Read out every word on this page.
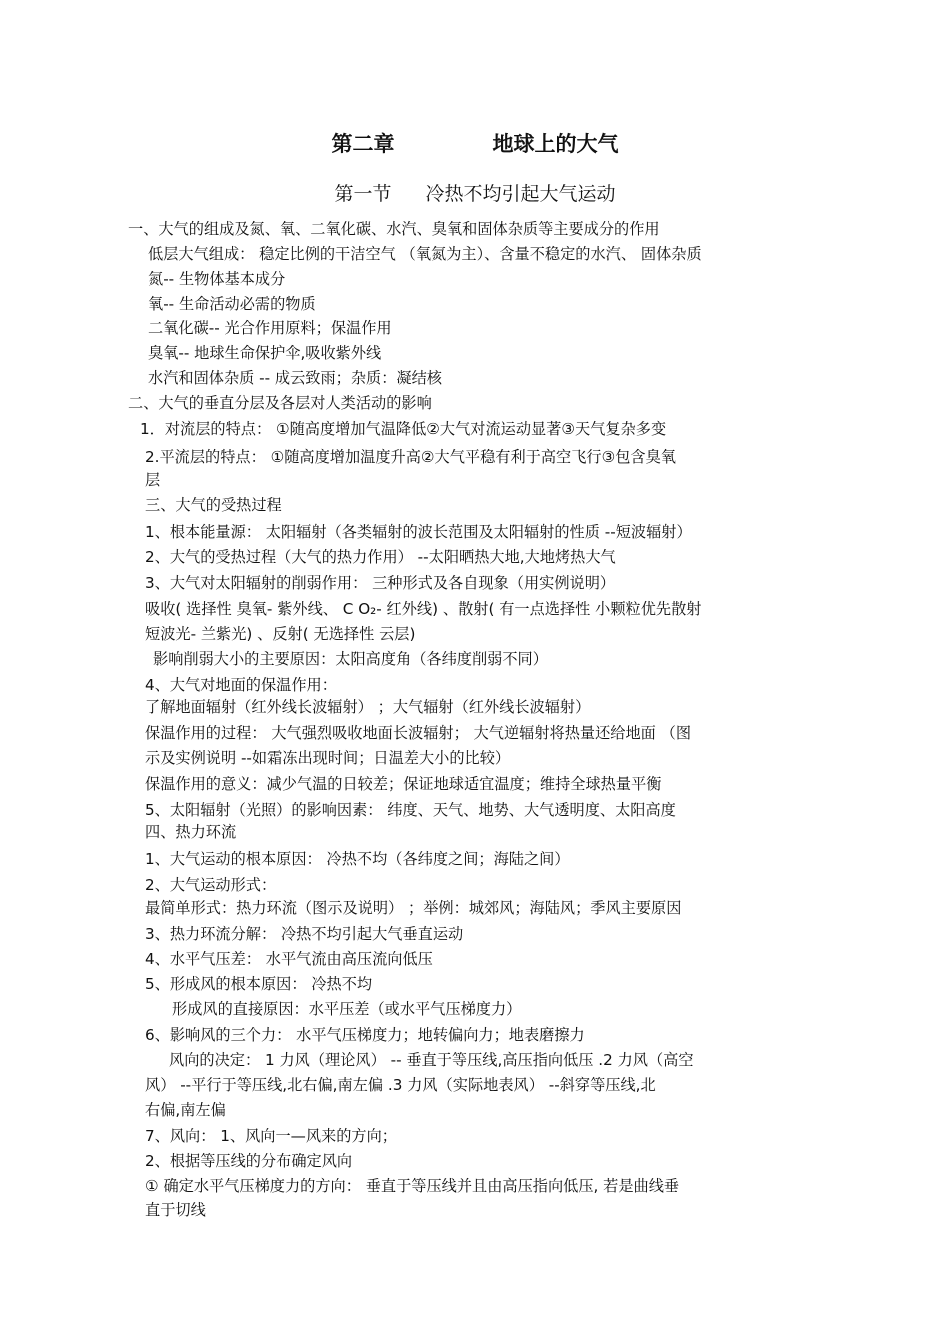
第二章	地球上的大气
第一节 冷热不均引起大气运动
一、大气的组成及氮、氧、二氧化碳、水汽、臭氧和固体杂质等主要成分的作用
低层大气组成： 稳定比例的干洁空气 （氧氮为主）、含量不稳定的水汽、 固体杂质
氮-- 生物体基本成分
氧-- 生命活动必需的物质
二氧化碳-- 光合作用原料；保温作用
臭氧-- 地球生命保护伞,吸收紫外线
水汽和固体杂质 -- 成云致雨；杂质：凝结核
二、大气的垂直分层及各层对人类活动的影响
1．对流层的特点： ①随高度增加气温降低②大气对流运动显著③天气复杂多变
2.平流层的特点： ①随高度增加温度升高②大气平稳有利于高空飞行③包含臭氧
层
三、大气的受热过程
1、根本能量源： 太阳辐射（各类辐射的波长范围及太阳辐射的性质 --短波辐射）
2、大气的受热过程（大气的热力作用） --太阳晒热大地,大地烤热大气
3、大气对太阳辐射的削弱作用： 三种形式及各自现象（用实例说明）
吸收( 选择性 臭氧- 紫外线、 C O₂- 红外线) 、散射( 有一点选择性 小颗粒优先散射
短波光- 兰紫光) 、反射( 无选择性 云层)
影响削弱大小的主要原因：太阳高度角（各纬度削弱不同）
4、大气对地面的保温作用：
了解地面辐射（红外线长波辐射） ；大气辐射（红外线长波辐射）
保温作用的过程： 大气强烈吸收地面长波辐射； 大气逆辐射将热量还给地面 （图
示及实例说明 --如霜冻出现时间；日温差大小的比较）
保温作用的意义：减少气温的日较差；保证地球适宜温度；维持全球热量平衡
5、太阳辐射（光照）的影响因素： 纬度、天气、地势、大气透明度、太阳高度
四、热力环流
1、大气运动的根本原因： 冷热不均（各纬度之间；海陆之间）
2、大气运动形式：
最简单形式：热力环流（图示及说明） ；举例：城郊风；海陆风；季风主要原因
3、热力环流分解： 冷热不均引起大气垂直运动
4、水平气压差： 水平气流由高压流向低压
5、形成风的根本原因： 冷热不均
形成风的直接原因：水平压差（或水平气压梯度力）
6、影响风的三个力： 水平气压梯度力；地转偏向力；地表磨擦力
风向的决定： 1 力风（理论风） -- 垂直于等压线,高压指向低压 .2 力风（高空
风） --平行于等压线,北右偏,南左偏 .3 力风（实际地表风） --斜穿等压线,北
右偏,南左偏
7、风向： 1、风向一—风来的方向；
2、根据等压线的分布确定风向
① 确定水平气压梯度力的方向： 垂直于等压线并且由高压指向低压, 若是曲线垂
直于切线
